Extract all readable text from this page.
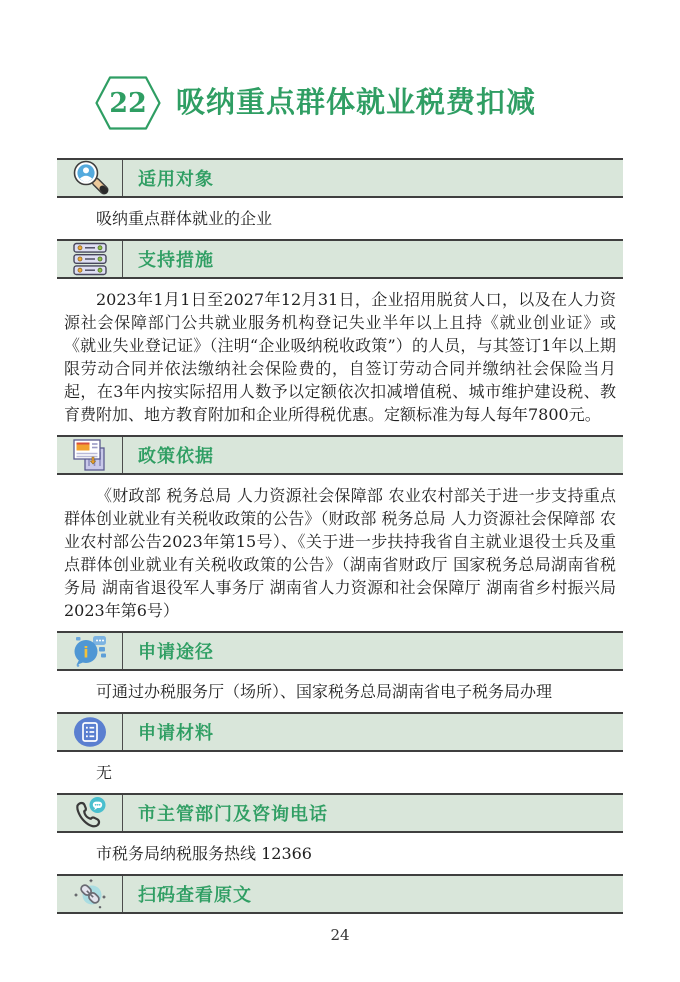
22	吸纳重点群体就业税费扣减
适用对象

吸纳重点群体就业的企业

支持措施

2023年1月1日至2027年12月31日，企业招用脱贫人口，以及在人力资源社会保障部门公共就业服务机构登记失业半年以上且持《就业创业证》或《就业失业登记证》（注明“企业吸纳税收政策”）的人员，与其签订1年以上期限劳动合同并依法缴纳社会保险费的，自签订劳动合同并缴纳社会保险当月起，在3年内按实际招用人数予以定额依次扣减增值税、城市维护建设税、教育费附加、地方教育附加和企业所得税优惠。定额标准为每人每年7800元。

政策依据

《财政部 税务总局 人力资源社会保障部 农业农村部关于进一步支持重点群体创业就业有关税收政策的公告》（财政部 税务总局 人力资源社会保障部 农业农村部公告2023年第15号）、《关于进一步扶持我省自主就业退役士兵及重点群体创业就业有关税收政策的公告》（湖南省财政厅 国家税务总局湖南省税务局 湖南省退役军人事务厅 湖南省人力资源和社会保障厅 湖南省乡村振兴局2023年第6号）

i	申请途径

可通过办税服务厅（场所）、国家税务总局湖南省电子税务局办理

申请材料

无

市主管部门及咨询电话

市税务局纳税服务热线 12366

扫码查看原文
24
